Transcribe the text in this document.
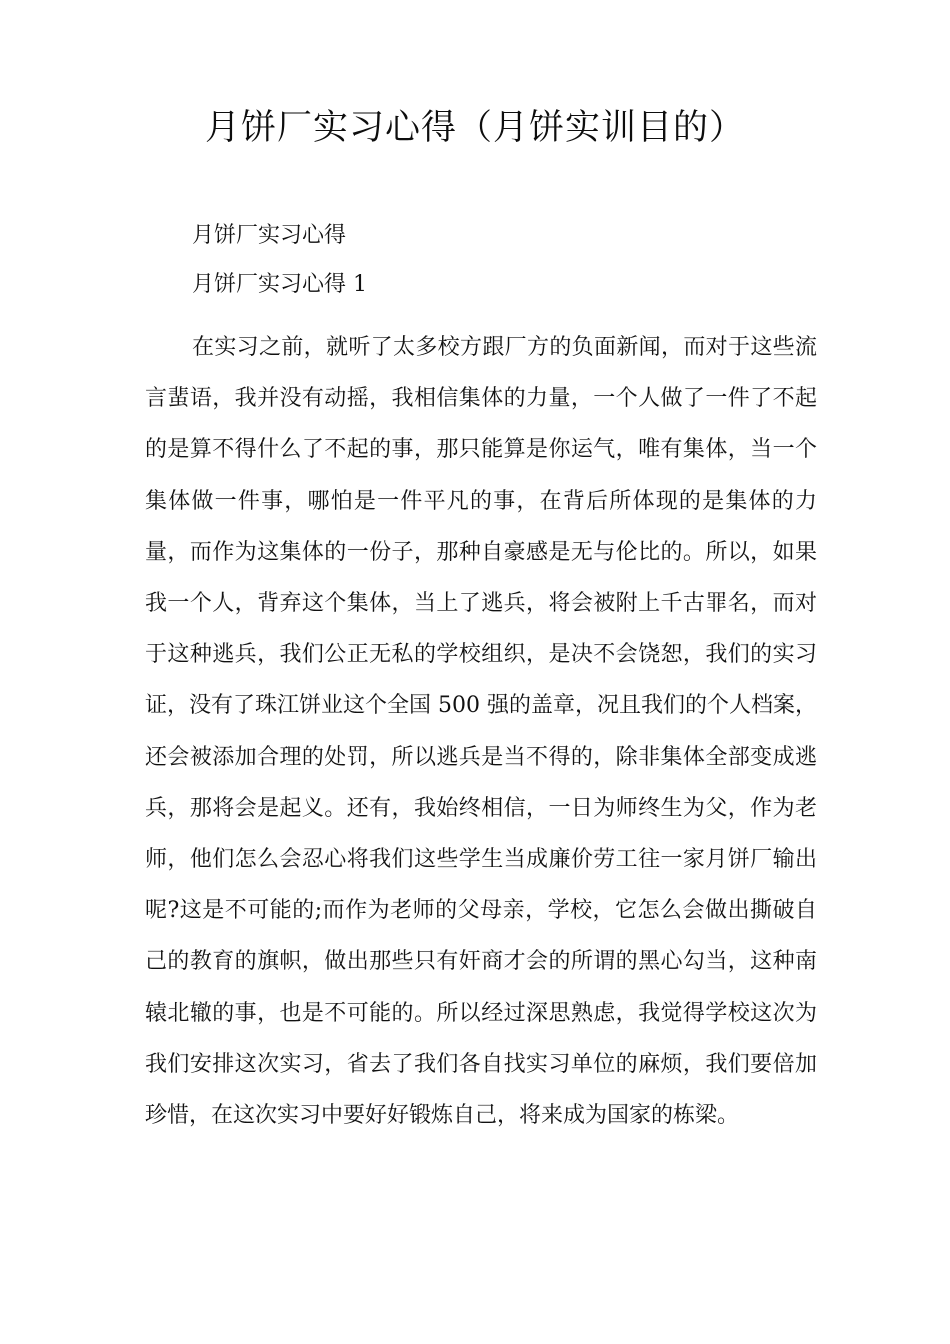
月饼厂实习心得（月饼实训目的）

月饼厂实习心得

月饼厂实习心得 1

在实习之前，就听了太多校方跟厂方的负面新闻，而对于这些流言蜚语，我并没有动摇，我相信集体的力量，一个人做了一件了不起的是算不得什么了不起的事，那只能算是你运气，唯有集体，当一个集体做一件事，哪怕是一件平凡的事，在背后所体现的是集体的力量，而作为这集体的一份子，那种自豪感是无与伦比的。所以，如果我一个人，背弃这个集体，当上了逃兵，将会被附上千古罪名，而对于这种逃兵，我们公正无私的学校组织，是决不会饶恕，我们的实习证，没有了珠江饼业这个全国 500 强的盖章，况且我们的个人档案，还会被添加合理的处罚，所以逃兵是当不得的，除非集体全部变成逃兵，那将会是起义。还有，我始终相信，一日为师终生为父，作为老师，他们怎么会忍心将我们这些学生当成廉价劳工往一家月饼厂输出呢?这是不可能的;而作为老师的父母亲，学校，它怎么会做出撕破自己的教育的旗帜，做出那些只有奸商才会的所谓的黑心勾当，这种南辕北辙的事，也是不可能的。所以经过深思熟虑，我觉得学校这次为我们安排这次实习，省去了我们各自找实习单位的麻烦，我们要倍加珍惜，在这次实习中要好好锻炼自己，将来成为国家的栋梁。
